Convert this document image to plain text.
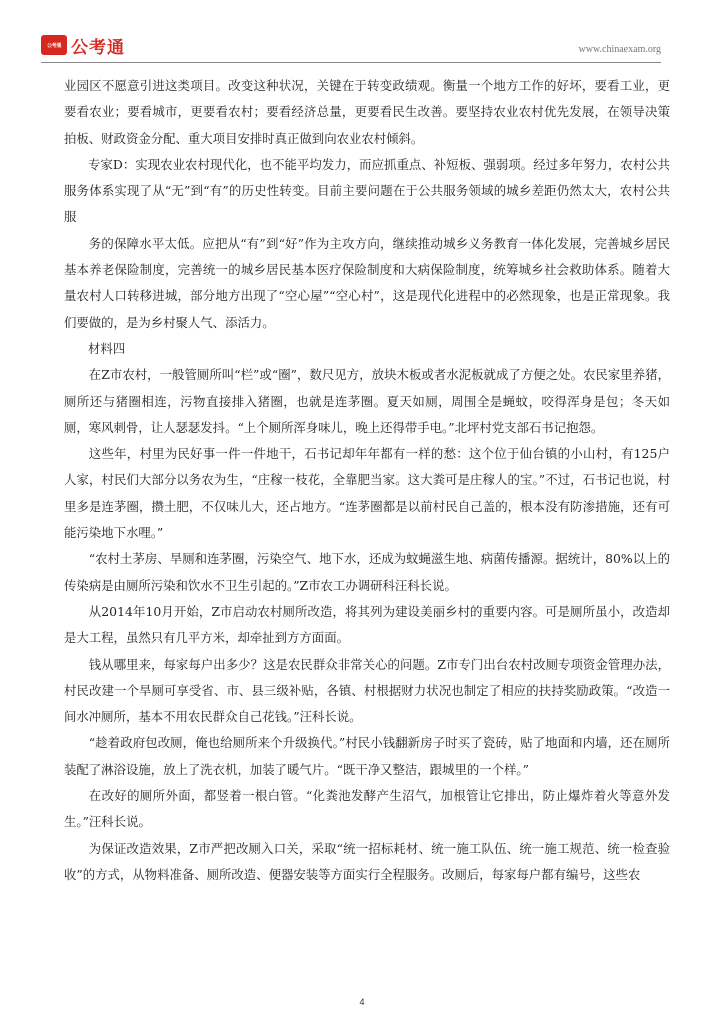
公考通 公考通	www.chinaexam.org

业园区不愿意引进这类项目。改变这种状况，关键在于转变政绩观。衡量一个地方工作的好坏，要看工业，更要看农业；要看城市，更要看农村；要看经济总量，更要看民生改善。要坚持农业农村优先发展，在领导决策拍板、财政资金分配、重大项目安排时真正做到向农业农村倾斜。

专家D：实现农业农村现代化，也不能平均发力，而应抓重点、补短板、强弱项。经过多年努力，农村公共服务体系实现了从“无”到“有”的历史性转变。目前主要问题在于公共服务领域的城乡差距仍然太大，农村公共服

务的保障水平太低。应把从“有”到“好”作为主攻方向，继续推动城乡义务教育一体化发展，完善城乡居民基本养老保险制度，完善统一的城乡居民基本医疗保险制度和大病保险制度，统筹城乡社会救助体系。随着大量农村人口转移进城，部分地方出现了“空心屋”“空心村”，这是现代化进程中的必然现象，也是正常现象。我们要做的，是为乡村聚人气、添活力。

材料四

在Z市农村，一般管厕所叫“栏”或“圈”，数尺见方，放块木板或者水泥板就成了方便之处。农民家里养猪，厕所还与猪圈相连，污物直接排入猪圈，也就是连茅圈。夏天如厕，周围全是蝇蚊，咬得浑身是包；冬天如厕，寒风刺骨，让人瑟瑟发抖。“上个厕所浑身味儿，晚上还得带手电。”北坪村党支部石书记抱怨。

这些年，村里为民好事一件一件地干，石书记却年年都有一样的愁：这个位于仙台镇的小山村，有125户人家，村民们大部分以务农为生，“庄稼一枝花，全靠肥当家。这大粪可是庄稼人的宝。”不过，石书记也说，村里多是连茅圈，攒土肥，不仅味儿大，还占地方。“连茅圈都是以前村民自己盖的，根本没有防渗措施，还有可能污染地下水哩。”

“农村土茅房、旱厕和连茅圈，污染空气、地下水，还成为蚊蝇滋生地、病菌传播源。据统计，80%以上的传染病是由厕所污染和饮水不卫生引起的。”Z市农工办调研科汪科长说。

从2014年10月开始，Z市启动农村厕所改造，将其列为建设美丽乡村的重要内容。可是厕所虽小，改造却是大工程，虽然只有几平方米，却牵扯到方方面面。

钱从哪里来，每家每户出多少？这是农民群众非常关心的问题。Z市专门出台农村改厕专项资金管理办法，村民改建一个旱厕可享受省、市、县三级补贴，各镇、村根据财力状况也制定了相应的扶持奖励政策。“改造一间水冲厕所，基本不用农民群众自己花钱。”汪科长说。

“趁着政府包改厕，俺也给厕所来个升级换代。”村民小钱翻新房子时买了瓷砖，贴了地面和内墙，还在厕所装配了淋浴设施，放上了洗衣机，加装了暖气片。“既干净又整洁，跟城里的一个样。”

在改好的厕所外面，都竖着一根白管。“化粪池发酵产生沼气，加根管让它排出，防止爆炸着火等意外发生。”汪科长说。

为保证改造效果，Z市严把改厕入口关，采取“统一招标耗材、统一施工队伍、统一施工规范、统一检查验收”的方式，从物料准备、厕所改造、便器安装等方面实行全程服务。改厕后，每家每户都有编号，这些农

4
